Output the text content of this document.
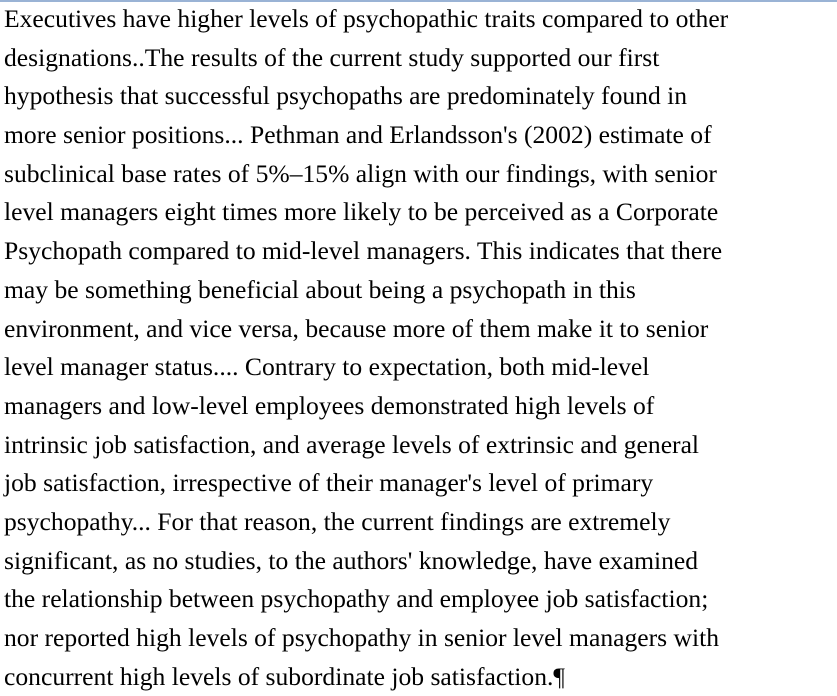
Executives have higher levels of psychopathic traits compared to other
designations..The results of the current study supported our first
hypothesis that successful psychopaths are predominately found in
more senior positions... Pethman and Erlandsson's (2002) estimate of
subclinical base rates of 5%–15% align with our findings, with senior
level managers eight times more likely to be perceived as a Corporate
Psychopath compared to mid-level managers. This indicates that there
may be something beneficial about being a psychopath in this
environment, and vice versa, because more of them make it to senior
level manager status.... Contrary to expectation, both mid-level
managers and low-level employees demonstrated high levels of
intrinsic job satisfaction, and average levels of extrinsic and general
job satisfaction, irrespective of their manager's level of primary
psychopathy... For that reason, the current findings are extremely
significant, as no studies, to the authors' knowledge, have examined
the relationship between psychopathy and employee job satisfaction;
nor reported high levels of psychopathy in senior level managers with
concurrent high levels of subordinate job satisfaction.¶
